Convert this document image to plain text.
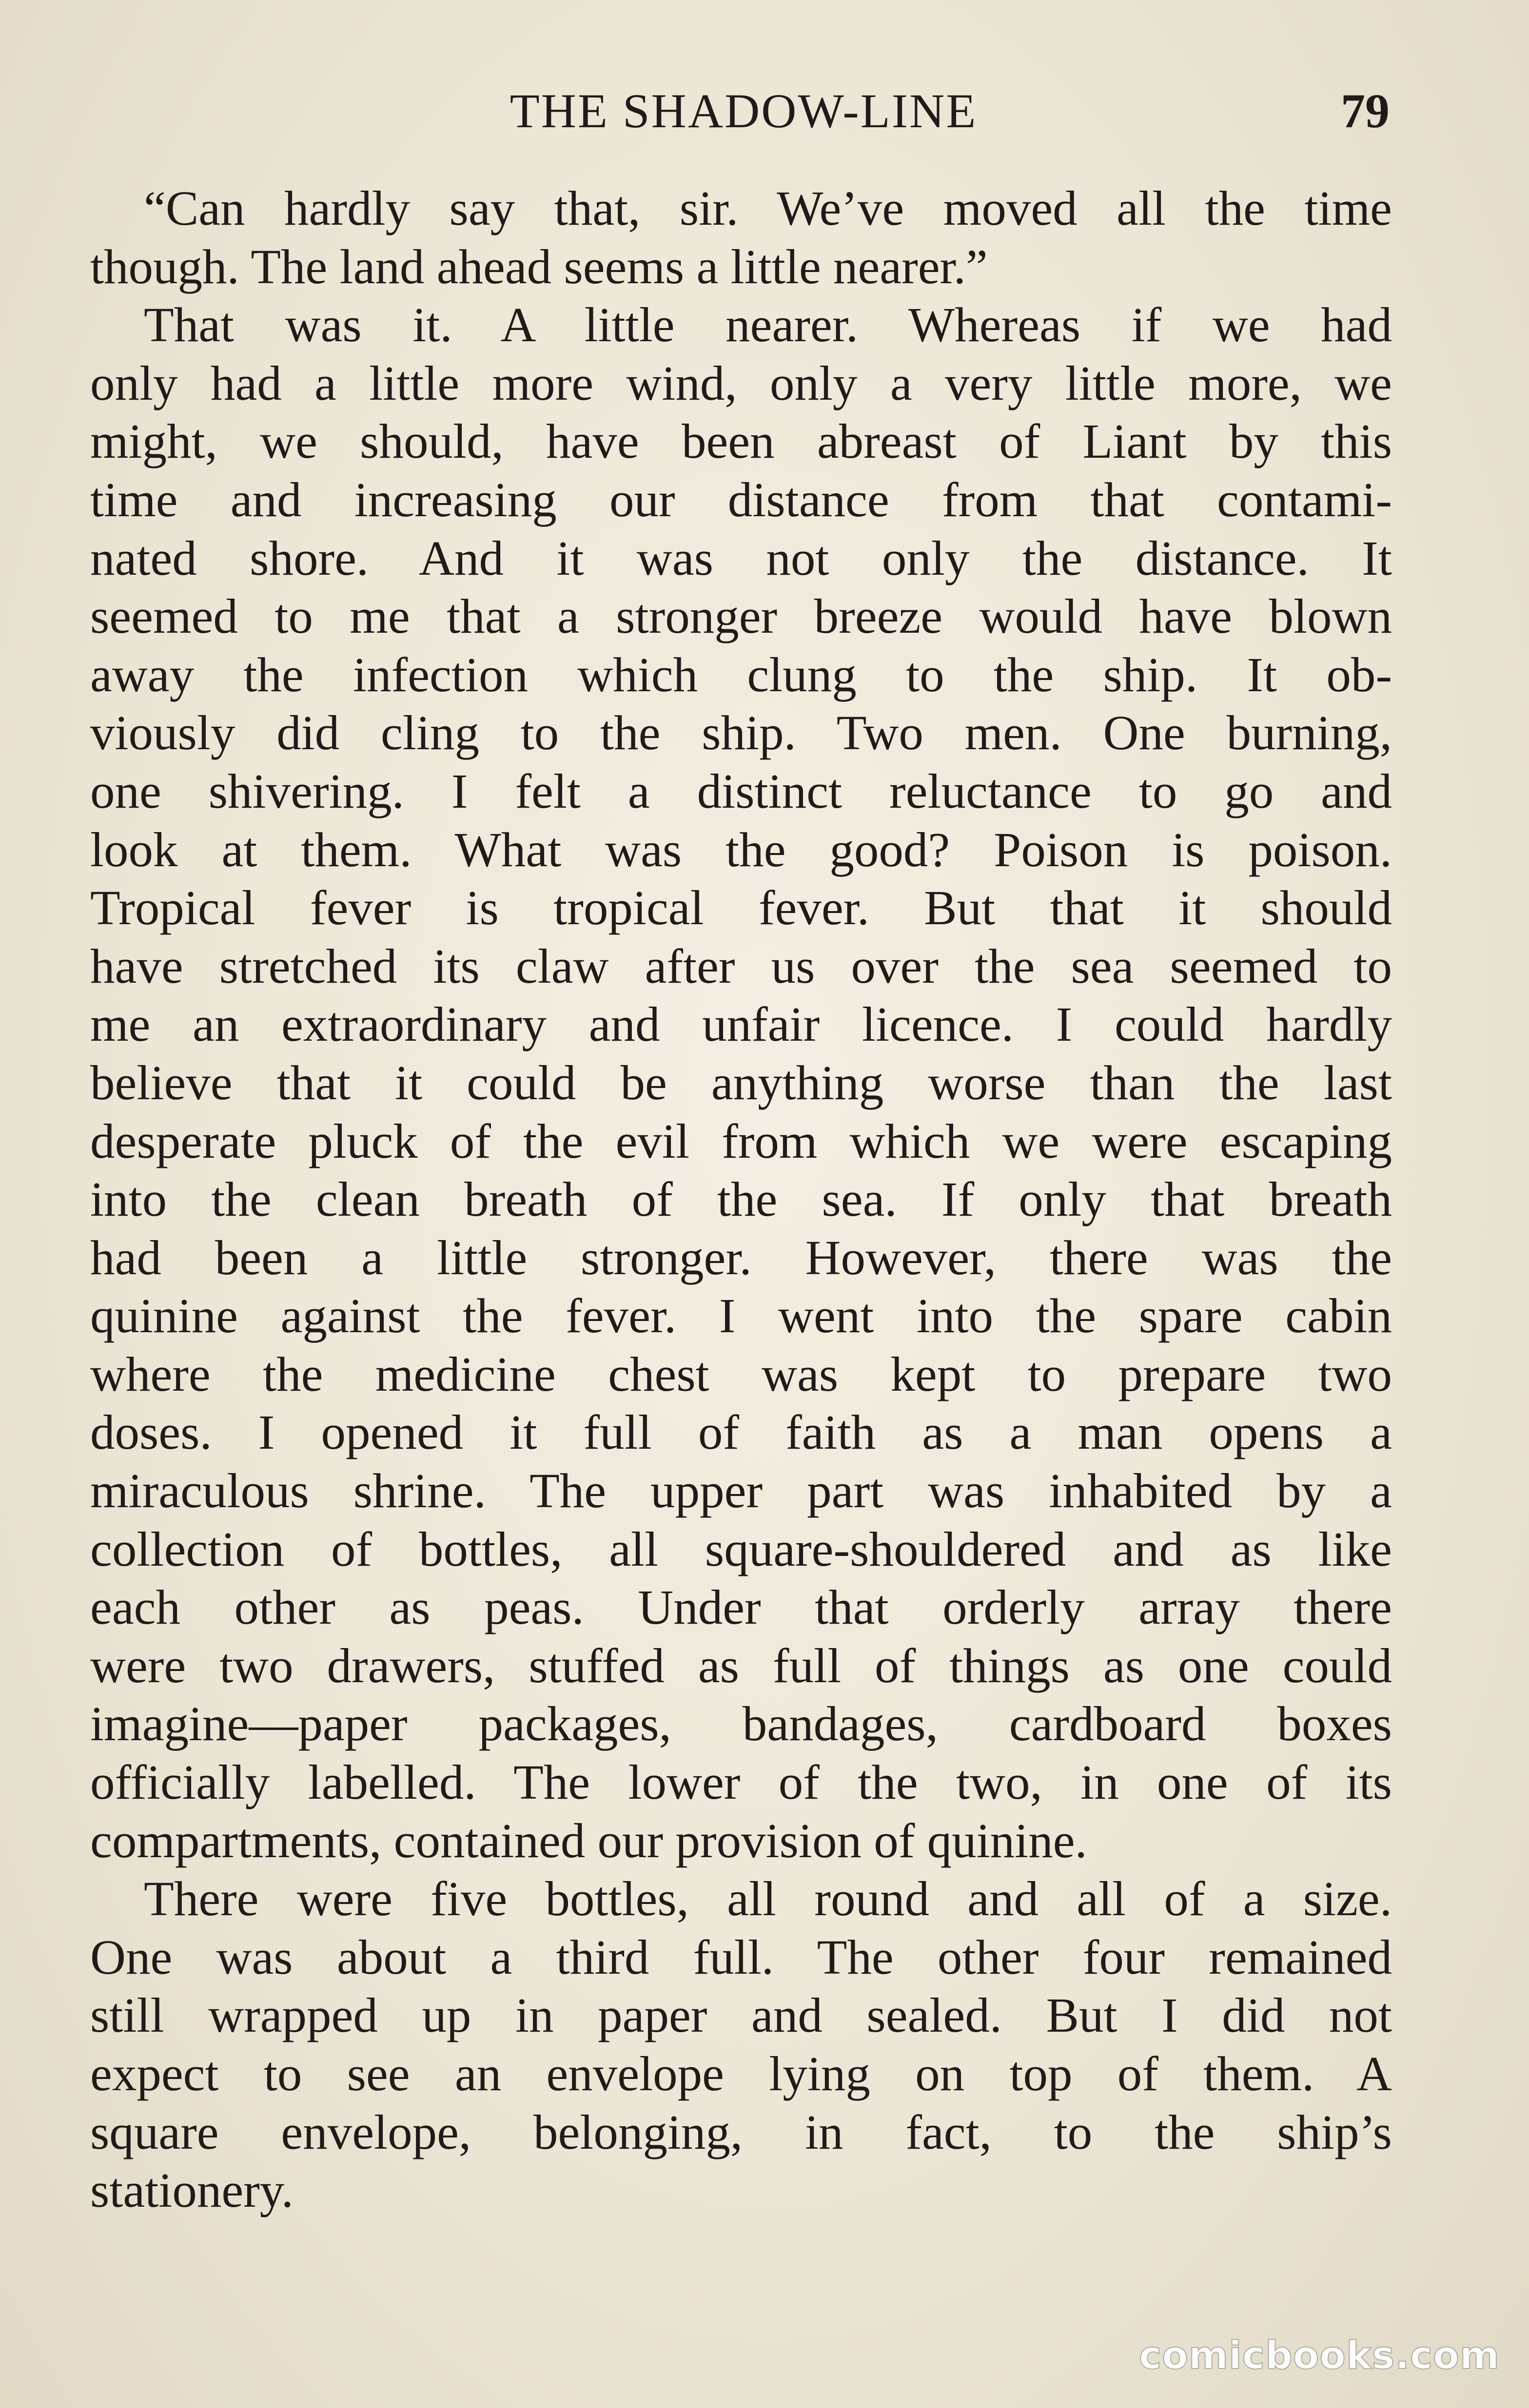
THE SHADOW-LINE	79
“Can hardly say that, sir. We’ve moved all the time
though. The land ahead seems a little nearer.”
That was it. A little nearer. Whereas if we had
only had a little more wind, only a very little more, we
might, we should, have been abreast of Liant by this
time and increasing our distance from that contami-
nated shore. And it was not only the distance. It
seemed to me that a stronger breeze would have blown
away the infection which clung to the ship. It ob-
viously did cling to the ship. Two men. One burning,
one shivering. I felt a distinct reluctance to go and
look at them. What was the good? Poison is poison.
Tropical fever is tropical fever. But that it should
have stretched its claw after us over the sea seemed to
me an extraordinary and unfair licence. I could hardly
believe that it could be anything worse than the last
desperate pluck of the evil from which we were escaping
into the clean breath of the sea. If only that breath
had been a little stronger. However, there was the
quinine against the fever. I went into the spare cabin
where the medicine chest was kept to prepare two
doses. I opened it full of faith as a man opens a
miraculous shrine. The upper part was inhabited by a
collection of bottles, all square-shouldered and as like
each other as peas. Under that orderly array there
were two drawers, stuffed as full of things as one could
imagine—paper packages, bandages, cardboard boxes
officially labelled. The lower of the two, in one of its
compartments, contained our provision of quinine.
There were five bottles, all round and all of a size.
One was about a third full. The other four remained
still wrapped up in paper and sealed. But I did not
expect to see an envelope lying on top of them. A
square envelope, belonging, in fact, to the ship’s
stationery.
comicbooks.com
